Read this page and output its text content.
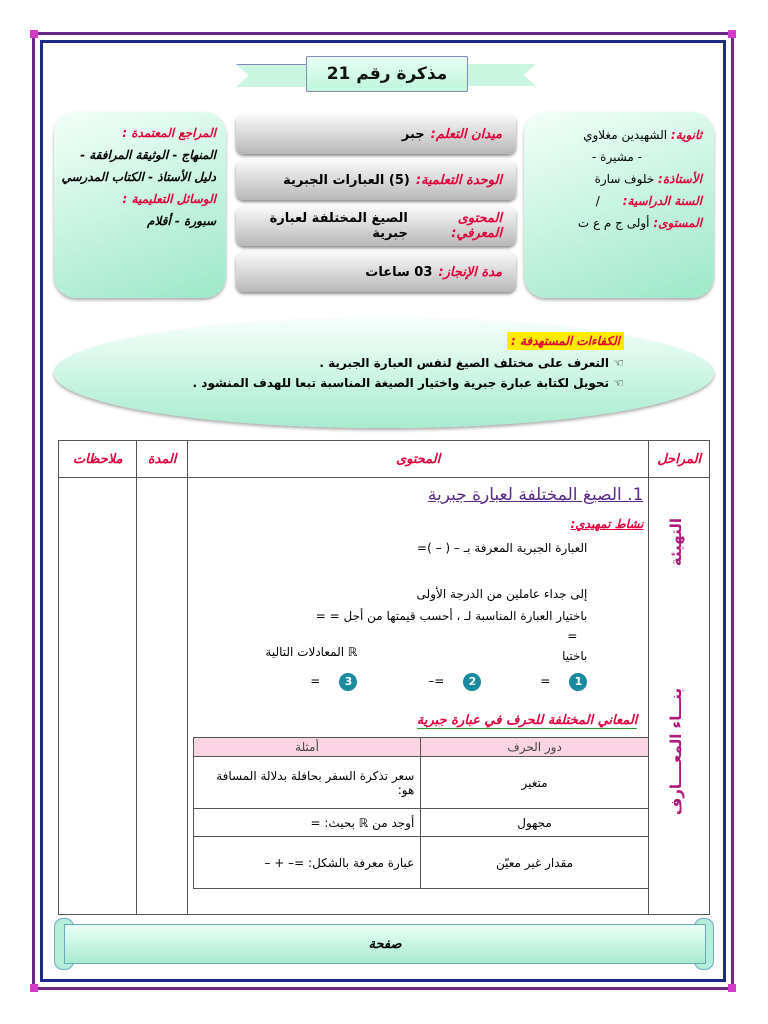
مذكرة رقم 21
ثانوية: الشهيدين مغلاوي
- مشيرة -
الأستاذة: خلوف سارة
السنة الدراسية:      /
المستوى: أولى ج م ع ت
المراجع المعتمدة :
المنهاج - الوثيقة المرافقة - دليل الأستاذ - الكتاب المدرسي
الوسائل التعليمية :
سبورة - أقلام
ميدان التعلم:
جبر
الوحدة التعلمية:
(5) العبارات الجبرية
المحتوى المعرفي:
الصيغ المختلفة لعبارة جبرية
مدة الإنجاز:
03 ساعات
الكفاءات المستهدفة :
☜ التعرف على مختلف الصيغ لنفس العبارة الجبرية .
☜ تحويل لكتابة عبارة جبرية واختيار الصيغة المناسبة تبعا للهدف المنشود .
المراحل	المحتوى	المدة	ملاحظات

التهيئة
بنـــاء المعــــارف

1. الصيغ المختلفة لعبارة جبرية
نشاط تمهيدي:
العبارة الجبرية المعرفة بـ – ( – )=
إلى جداء عاملين من الدرجة الأولى
باختيار العبارة المناسبة لـ ، أحسب قيمتها من أجل = =
=
باختيا
ℝ المعادلات التالية
1     =
2     =–
3     =
المعاني المختلفة للحرف في عبارة جبرية
دور الحرف	أمثلة
متغير	سعر تذكرة السفر بحافلة بدلالة المسافة هو:
مجهول	أوجد من ℝ بحيث: =
مقدار غير معيّن	عبارة معرفة بالشكل: =– + –

صفحة
